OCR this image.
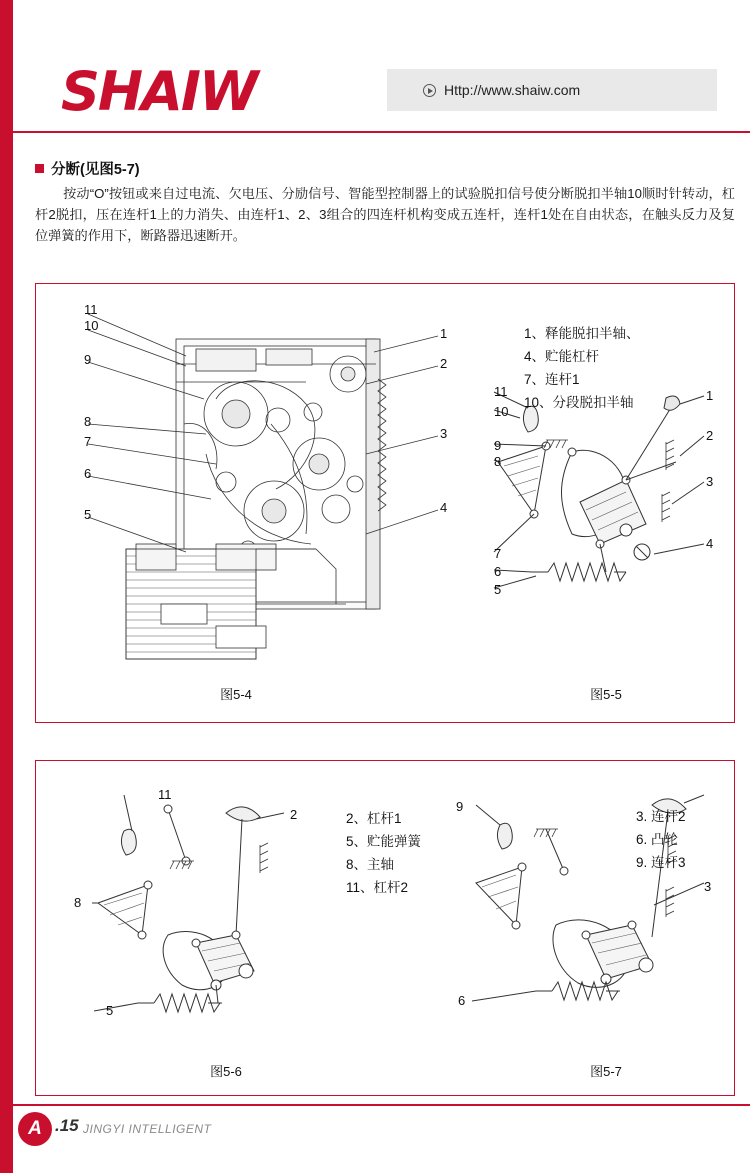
SHAIW	Http://www.shaiw.com
分断(见图5-7)
按动“O”按钮或来自过电流、欠电压、分励信号、智能型控制器上的试验脱扣信号使分断脱扣半轴10顺时针转动，杠杆2脱扣，压在连杆1上的力消失、由连杆1、2、3组合的四连杆机构变成五连杆，连杆1处在自由状态，在触头反力及复位弹簧的作用下，断路器迅速断开。
11
10
9
8
7
6
5
1
2
3
4
图5-4
11
10
9
8
7
6
5
1
2
3
4
图5-5
1、释能脱扣半轴、
4、贮能杠杆
7、连杆1
10、分段脱扣半轴
11
8
5
2
图5-6
2、杠杆1
5、贮能弹簧
8、主轴
11、杠杆2
9
6
3
图5-7
3. 连杆2
6. 凸轮
9. 连杆3
A .15 JINGYI INTELLIGENT
